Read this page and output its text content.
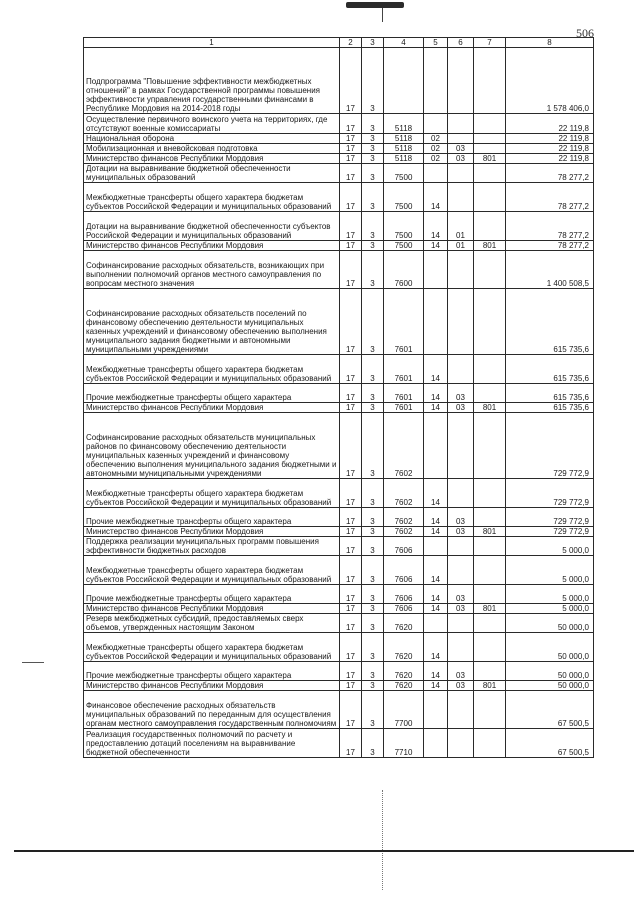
506
1	2	3	4	5	6	7	8
Подпрограмма "Повышение эффективности межбюджетных отношений" в рамках Государственной программы повышения эффективности управления государственными финансами в Республике Мордовия на 2014-2018 годы	17	3					1 578 406,0
Осуществление первичного воинского учета на территориях, где отсутствуют военные комиссариаты	17	3	5118				22 119,8
Национальная оборона	17	3	5118	02			22 119,8
Мобилизационная и вневойсковая подготовка	17	3	5118	02	03		22 119,8
Министерство финансов Республики Мордовия	17	3	5118	02	03	801	22 119,8
Дотации на выравнивание бюджетной обеспеченности муниципальных образований	17	3	7500				78 277,2
Межбюджетные трансферты общего характера бюджетам субъектов Российской Федерации и муниципальных образований	17	3	7500	14			78 277,2
Дотации на выравнивание бюджетной обеспеченности субъектов Российской Федерации и муниципальных образований	17	3	7500	14	01		78 277,2
Министерство финансов Республики Мордовия	17	3	7500	14	01	801	78 277,2
Софинансирование расходных обязательств, возникающих при выполнении полномочий органов местного самоуправления по вопросам местного значения	17	3	7600				1 400 508,5
Софинансирование расходных обязательств поселений по финансовому обеспечению деятельности муниципальных казенных учреждений и финансовому обеспечению выполнения муниципального задания бюджетными и автономными муниципальными учреждениями	17	3	7601				615 735,6
Межбюджетные трансферты общего характера бюджетам субъектов Российской Федерации и муниципальных образований	17	3	7601	14			615 735,6
Прочие межбюджетные трансферты общего характера	17	3	7601	14	03		615 735,6
Министерство финансов Республики Мордовия	17	3	7601	14	03	801	615 735,6
Софинансирование расходных обязательств муниципальных районов по финансовому обеспечению деятельности муниципальных казенных учреждений и финансовому обеспечению выполнения муниципального задания бюджетными и автономными муниципальными учреждениями	17	3	7602				729 772,9
Межбюджетные трансферты общего характера бюджетам субъектов Российской Федерации и муниципальных образований	17	3	7602	14			729 772,9
Прочие межбюджетные трансферты общего характера	17	3	7602	14	03		729 772,9
Министерство финансов Республики Мордовия	17	3	7602	14	03	801	729 772,9
Поддержка реализации муниципальных программ повышения эффективности бюджетных расходов	17	3	7606				5 000,0
Межбюджетные трансферты общего характера бюджетам субъектов Российской Федерации и муниципальных образований	17	3	7606	14			5 000,0
Прочие межбюджетные трансферты общего характера	17	3	7606	14	03		5 000,0
Министерство финансов Республики Мордовия	17	3	7606	14	03	801	5 000,0
Резерв межбюджетных субсидий, предоставляемых сверх объемов, утвержденных настоящим Законом	17	3	7620				50 000,0
Межбюджетные трансферты общего характера бюджетам субъектов Российской Федерации и муниципальных образований	17	3	7620	14			50 000,0
Прочие межбюджетные трансферты общего характера	17	3	7620	14	03		50 000,0
Министерство финансов Республики Мордовия	17	3	7620	14	03	801	50 000,0
Финансовое обеспечение расходных обязательств муниципальных образований по переданным для осуществления органам местного самоуправления государственным полномочиям	17	3	7700				67 500,5
Реализация государственных полномочий по расчету и предоставлению дотаций поселениям на выравнивание бюджетной обеспеченности	17	3	7710				67 500,5
